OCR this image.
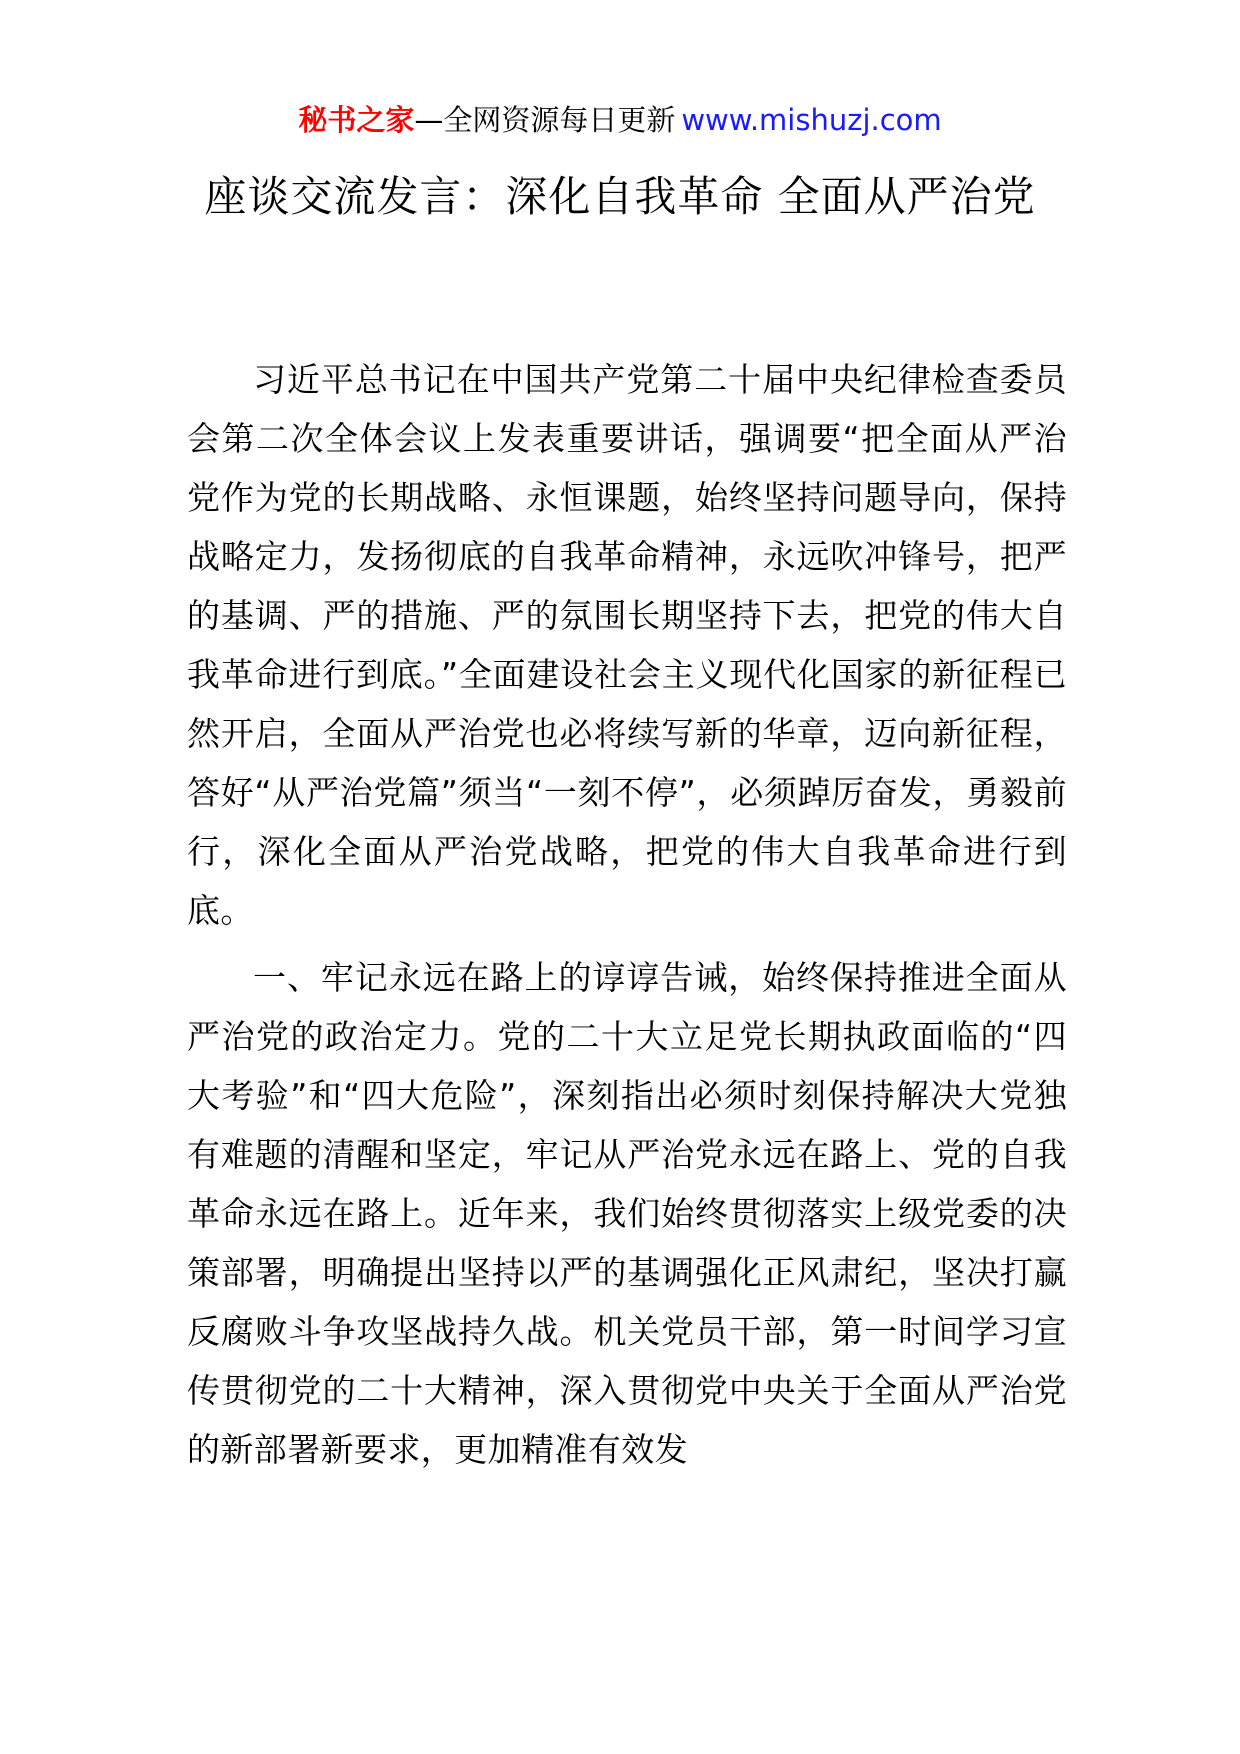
秘书之家—全网资源每日更新 www.mishuzj.com
座谈交流发言：深化自我革命 全面从严治党

习近平总书记在中国共产党第二十届中央纪律检查委员会第二次全体会议上发表重要讲话，强调要“把全面从严治党作为党的长期战略、永恒课题，始终坚持问题导向，保持战略定力，发扬彻底的自我革命精神，永远吹冲锋号，把严的基调、严的措施、严的氛围长期坚持下去，把党的伟大自我革命进行到底。”全面建设社会主义现代化国家的新征程已然开启，全面从严治党也必将续写新的华章，迈向新征程，答好“从严治党篇”须当“一刻不停”，必须踔厉奋发，勇毅前行，深化全面从严治党战略，把党的伟大自我革命进行到底。

一、牢记永远在路上的谆谆告诫，始终保持推进全面从严治党的政治定力。党的二十大立足党长期执政面临的“四大考验”和“四大危险”，深刻指出必须时刻保持解决大党独有难题的清醒和坚定，牢记从严治党永远在路上、党的自我革命永远在路上。近年来，我们始终贯彻落实上级党委的决策部署，明确提出坚持以严的基调强化正风肃纪，坚决打赢反腐败斗争攻坚战持久战。机关党员干部，第一时间学习宣传贯彻党的二十大精神，深入贯彻党中央关于全面从严治党的新部署新要求，更加精准有效发
